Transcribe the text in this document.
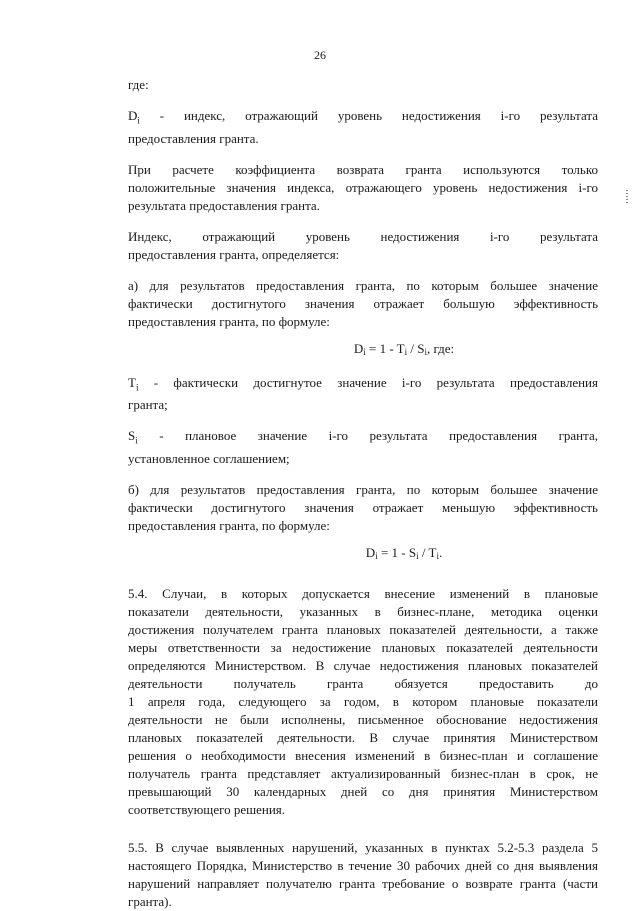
26

где:

$D_i$ - индекс, отражающий уровень недостижения i-го результата
предоставления гранта.

При расчете коэффициента возврата гранта используются только
положительные значения индекса, отражающего уровень недостижения i-го
результата предоставления гранта.

Индекс, отражающий уровень недостижения i-го результата
предоставления гранта, определяется:

а) для результатов предоставления гранта, по которым большее значение
фактически достигнутого значения отражает большую эффективность
предоставления гранта, по формуле:

$D_i = 1 - T_i / S_i$, где:

$T_i$ - фактически достигнутое значение i-го результата предоставления
гранта;

$S_i$ - плановое значение i-го результата предоставления гранта,
установленное соглашением;

б) для результатов предоставления гранта, по которым большее значение
фактически достигнутого значения отражает меньшую эффективность
предоставления гранта, по формуле:

$D_i = 1 - S_i / T_i$.

5.4. Случаи, в которых допускается внесение изменений в плановые
показатели деятельности, указанных в бизнес-плане, методика оценки
достижения получателем гранта плановых показателей деятельности, а также
меры ответственности за недостижение плановых показателей деятельности
определяются Министерством. В случае недостижения плановых показателей
деятельности получатель гранта обязуется предоставить до
1 апреля года, следующего за годом, в котором плановые показатели
деятельности не были исполнены, письменное обоснование недостижения
плановых показателей деятельности. В случае принятия Министерством
решения о необходимости внесения изменений в бизнес-план и соглашение
получатель гранта представляет актуализированный бизнес-план в срок, не
превышающий 30 календарных дней со дня принятия Министерством
соответствующего решения.

5.5. В случае выявленных нарушений, указанных в пунктах 5.2-5.3 раздела 5
настоящего Порядка, Министерство в течение 30 рабочих дней со дня выявления
нарушений направляет получателю гранта требование о возврате гранта (части
гранта).
